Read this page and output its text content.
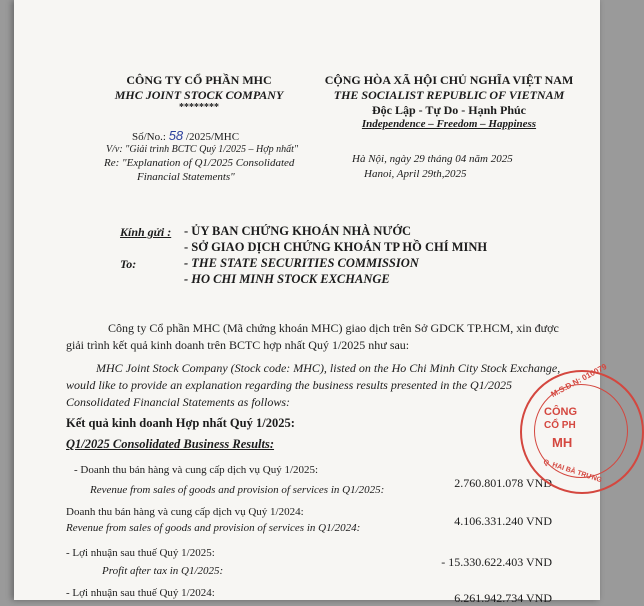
CÔNG TY CỔ PHẦN MHC
MHC JOINT STOCK COMPANY
********
Số/No.: 58 /2025/MHC
V/v: "Giải trình BCTC Quý 1/2025 – Hợp nhất"
Re: "Explanation of Q1/2025 Consolidated
Financial Statements"
CỘNG HÒA XÃ HỘI CHỦ NGHĨA VIỆT NAM
THE SOCIALIST REPUBLIC OF VIETNAM
Độc Lập - Tự Do - Hạnh Phúc
Independence – Freedom – Happiness
Hà Nội, ngày 29 tháng 04 năm 2025
Hanoi, April 29th,2025
Kính gửi :
To:
- ỦY BAN CHỨNG KHOÁN NHÀ NƯỚC
- SỞ GIAO DỊCH CHỨNG KHOÁN TP HỒ CHÍ MINH
- THE STATE SECURITIES COMMISSION
- HO CHI MINH STOCK EXCHANGE
Công ty Cổ phần MHC (Mã chứng khoán MHC) giao dịch trên Sở GDCK TP.HCM, xin được giải trình kết quả kinh doanh trên BCTC hợp nhất Quý 1/2025 như sau:
MHC Joint Stock Company (Stock code: MHC), listed on the Ho Chi Minh City Stock Exchange, would like to provide an explanation regarding the business results presented in the Q1/2025 Consolidated Financial Statements as follows:
Kết quả kinh doanh Hợp nhất Quý 1/2025:
Q1/2025 Consolidated Business Results:
- Doanh thu bán hàng và cung cấp dịch vụ Quý 1/2025:
Revenue from sales of goods and provision of services in Q1/2025:	2.760.801.078 VND
Doanh thu bán hàng và cung cấp dịch vụ Quý 1/2024:
Revenue from sales of goods and provision of services in Q1/2024:	4.106.331.240 VND
- Lợi nhuận sau thuế Quý 1/2025:
Profit after tax in Q1/2025:
- 15.330.622.403 VND
- Lợi nhuận sau thuế Quý 1/2024:	6.261.942.734 VND
M.S.D.N: 010079
CÔNG
CỔ PH
MH
Q. HAI BÀ TRƯNG
